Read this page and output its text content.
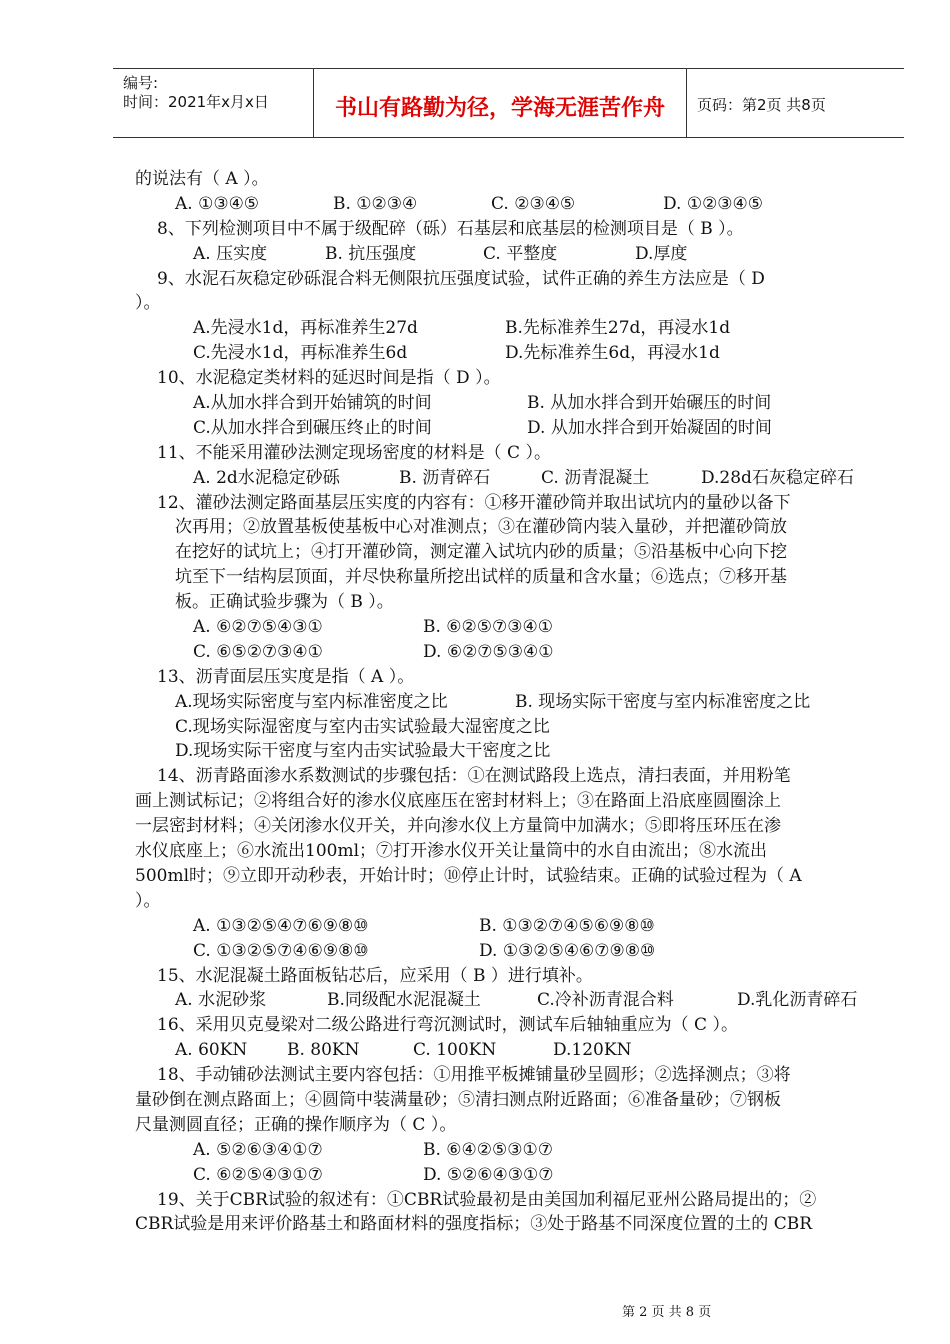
编号:
时间：2021年x月x日	书山有路勤为径，学海无涯苦作舟	页码：第2页 共8页
的说法有（ A ）。
A. ①③④⑤	B. ①②③④	C. ②③④⑤	D. ①②③④⑤
8、下列检测项目中不属于级配碎（砾）石基层和底基层的检测项目是（ B ）。
A. 压实度	B. 抗压强度	C. 平整度	D.厚度
9、水泥石灰稳定砂砾混合料无侧限抗压强度试验，试件正确的养生方法应是（ D
）。
A.先浸水1d，再标准养生27d	B.先标准养生27d，再浸水1d
C.先浸水1d，再标准养生6d	D.先标准养生6d，再浸水1d
10、水泥稳定类材料的延迟时间是指（ D ）。
A.从加水拌合到开始铺筑的时间	B. 从加水拌合到开始碾压的时间
C.从加水拌合到碾压终止的时间	D. 从加水拌合到开始凝固的时间
11、不能采用灌砂法测定现场密度的材料是（ C ）。
A. 2d水泥稳定砂砾	B. 沥青碎石	C. 沥青混凝土	D.28d石灰稳定碎石
12、灌砂法测定路面基层压实度的内容有：①移开灌砂筒并取出试坑内的量砂以备下
次再用；②放置基板使基板中心对准测点；③在灌砂筒内装入量砂，并把灌砂筒放
在挖好的试坑上；④打开灌砂筒，测定灌入试坑内砂的质量；⑤沿基板中心向下挖
坑至下一结构层顶面，并尽快称量所挖出试样的质量和含水量；⑥选点；⑦移开基
板。正确试验步骤为（ B ）。
A. ⑥②⑦⑤④③①	B. ⑥②⑤⑦③④①
C. ⑥⑤②⑦③④①	D. ⑥②⑦⑤③④①
13、沥青面层压实度是指（ A ）。
A.现场实际密度与室内标准密度之比	B. 现场实际干密度与室内标准密度之比
C.现场实际湿密度与室内击实试验最大湿密度之比
D.现场实际干密度与室内击实试验最大干密度之比
14、沥青路面渗水系数测试的步骤包括：①在测试路段上选点，清扫表面，并用粉笔
画上测试标记；②将组合好的渗水仪底座压在密封材料上；③在路面上沿底座圆圈涂上
一层密封材料；④关闭渗水仪开关，并向渗水仪上方量筒中加满水；⑤即将压环压在渗
水仪底座上；⑥水流出100ml；⑦打开渗水仪开关让量筒中的水自由流出；⑧水流出
500ml时；⑨立即开动秒表，开始计时；⑩停止计时，试验结束。正确的试验过程为（ A
）。
A. ①③②⑤④⑦⑥⑨⑧⑩	B. ①③②⑦④⑤⑥⑨⑧⑩
C. ①③②⑤⑦④⑥⑨⑧⑩	D. ①③②⑤④⑥⑦⑨⑧⑩
15、水泥混凝土路面板钻芯后，应采用（ B ）进行填补。
A. 水泥砂浆	B.同级配水泥混凝土	C.冷补沥青混合料	D.乳化沥青碎石
16、采用贝克曼梁对二级公路进行弯沉测试时，测试车后轴轴重应为（ C ）。
A. 60KN	B. 80KN	C. 100KN	D.120KN
18、手动铺砂法测试主要内容包括：①用推平板摊铺量砂呈圆形；②选择测点；③将
量砂倒在测点路面上；④圆筒中装满量砂；⑤清扫测点附近路面；⑥准备量砂；⑦钢板
尺量测圆直径；正确的操作顺序为（ C ）。
A. ⑤②⑥③④①⑦	B. ⑥④②⑤③①⑦
C. ⑥②⑤④③①⑦	D. ⑤②⑥④③①⑦
19、关于CBR试验的叙述有：①CBR试验最初是由美国加利福尼亚州公路局提出的；②
CBR试验是用来评价路基土和路面材料的强度指标；③处于路基不同深度位置的土的 CBR
第 2 页 共 8 页
